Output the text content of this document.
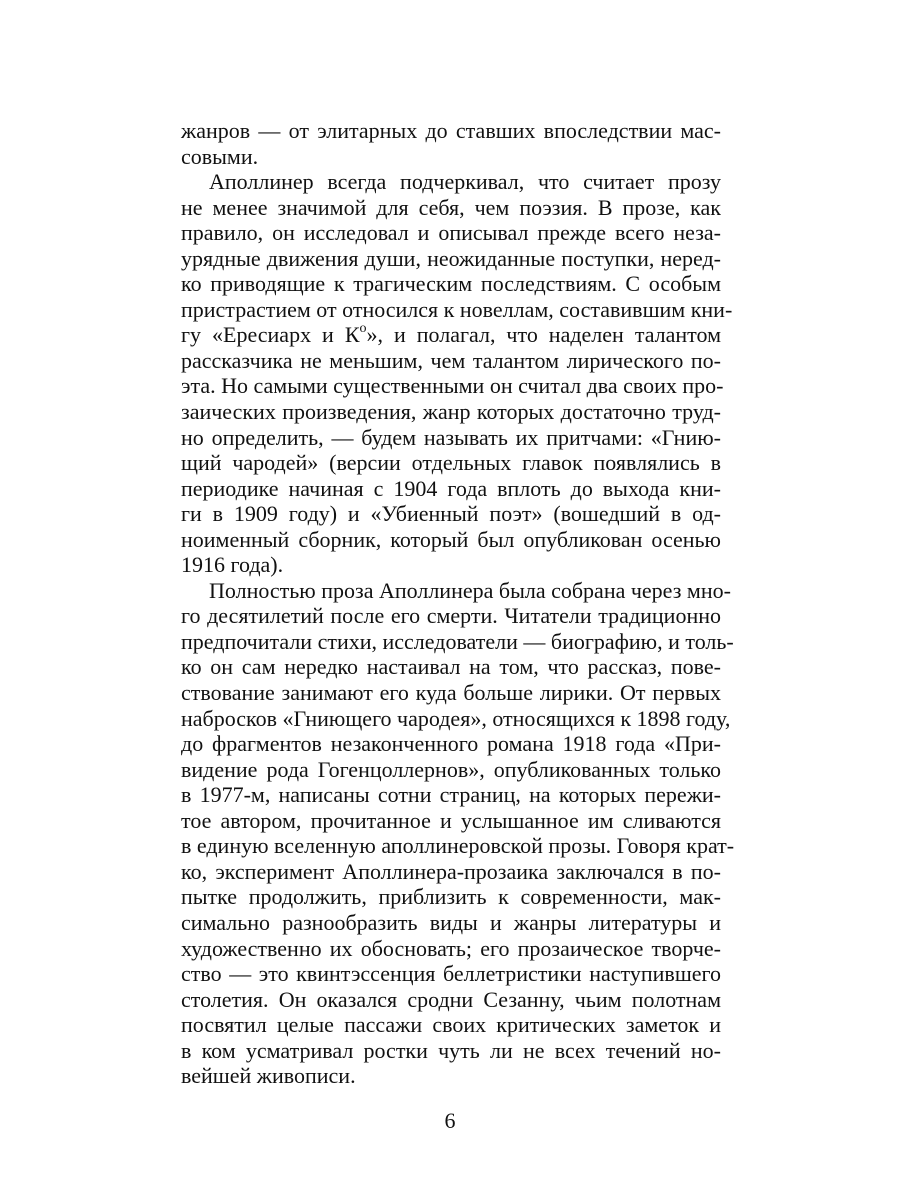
жанров — от элитарных до ставших впоследствии мас-
совыми.
Аполлинер всегда подчеркивал, что считает прозу
не менее значимой для себя, чем поэзия. В прозе, как
правило, он исследовал и описывал прежде всего неза-
урядные движения души, неожиданные поступки, неред-
ко приводящие к трагическим последствиям. С особым
пристрастием от относился к новеллам, составившим кни-
гу «Ересиарх и $К^o$», и полагал, что наделен талантом
рассказчика не меньшим, чем талантом лирического по-
эта. Но самыми существенными он считал два своих про-
заических произведения, жанр которых достаточно труд-
но определить, — будем называть их притчами: «Гнию-
щий чародей» (версии отдельных главок появлялись в
периодике начиная с 1904 года вплоть до выхода кни-
ги в 1909 году) и «Убиенный поэт» (вошедший в од-
ноименный сборник, который был опубликован осенью
1916 года).
Полностью проза Аполлинера была собрана через мно-
го десятилетий после его смерти. Читатели традиционно
предпочитали стихи, исследователи — биографию, и толь-
ко он сам нередко настаивал на том, что рассказ, пове-
ствование занимают его куда больше лирики. От первых
набросков «Гниющего чародея», относящихся к 1898 году,
до фрагментов незаконченного романа 1918 года «При-
видение рода Гогенцоллернов», опубликованных только
в 1977-м, написаны сотни страниц, на которых пережи-
тое автором, прочитанное и услышанное им сливаются
в единую вселенную аполлинеровской прозы. Говоря крат-
ко, эксперимент Аполлинера-прозаика заключался в по-
пытке продолжить, приблизить к современности, мак-
симально разнообразить виды и жанры литературы и
художественно их обосновать; его прозаическое творче-
ство — это квинтэссенция беллетристики наступившего
столетия. Он оказался сродни Сезанну, чьим полотнам
посвятил целые пассажи своих критических заметок и
в ком усматривал ростки чуть ли не всех течений но-
вейшей живописи.
6
